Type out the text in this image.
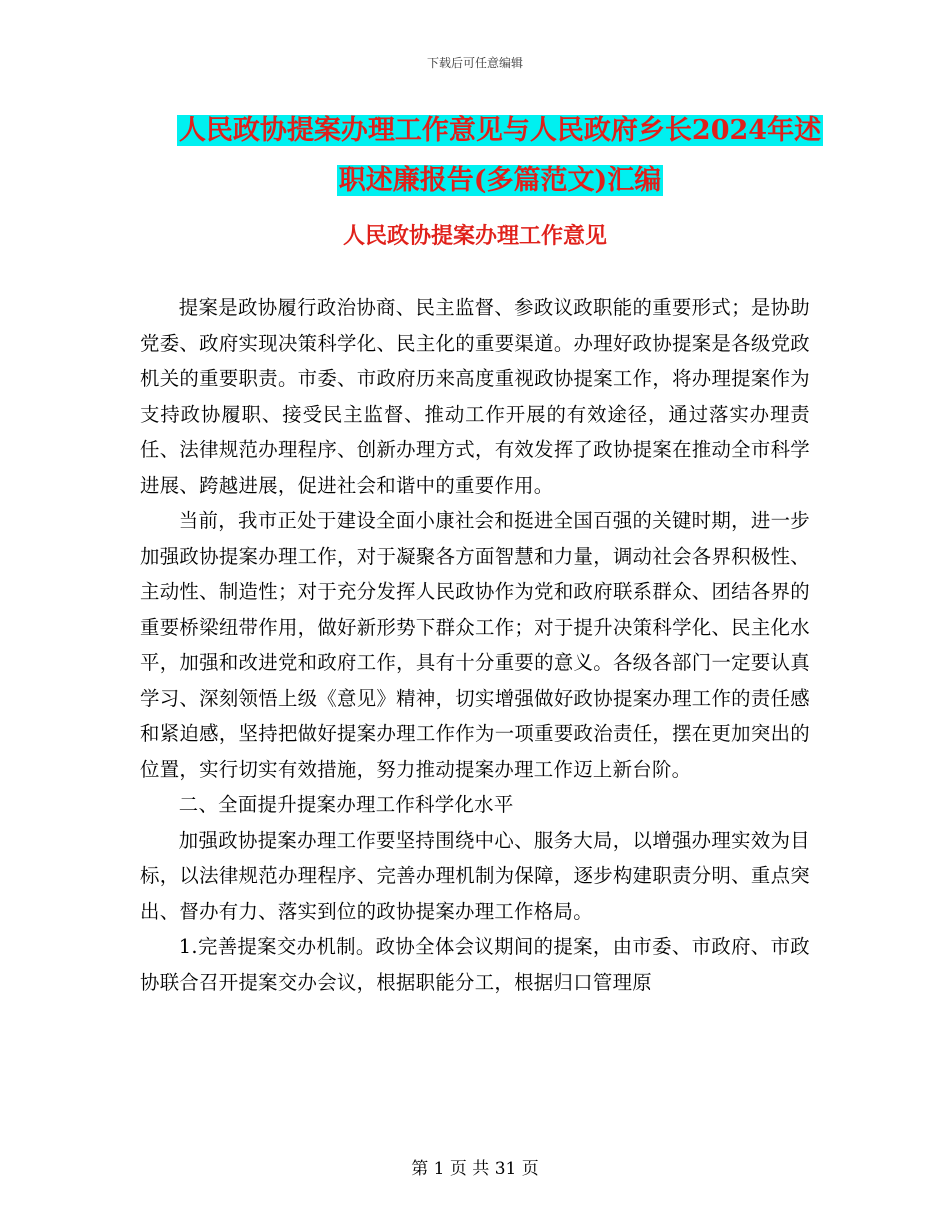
下载后可任意编辑
人民政协提案办理工作意见与人民政府乡长2024年述
职述廉报告(多篇范文)汇编
人民政协提案办理工作意见

提案是政协履行政治协商、民主监督、参政议政职能的重要形式；是协助党委、政府实现决策科学化、民主化的重要渠道。办理好政协提案是各级党政机关的重要职责。市委、市政府历来高度重视政协提案工作，将办理提案作为支持政协履职、接受民主监督、推动工作开展的有效途径，通过落实办理责任、法律规范办理程序、创新办理方式，有效发挥了政协提案在推动全市科学进展、跨越进展，促进社会和谐中的重要作用。

当前，我市正处于建设全面小康社会和挺进全国百强的关键时期，进一步加强政协提案办理工作，对于凝聚各方面智慧和力量，调动社会各界积极性、主动性、制造性；对于充分发挥人民政协作为党和政府联系群众、团结各界的重要桥梁纽带作用，做好新形势下群众工作；对于提升决策科学化、民主化水平，加强和改进党和政府工作，具有十分重要的意义。各级各部门一定要认真学习、深刻领悟上级《意见》精神，切实增强做好政协提案办理工作的责任感和紧迫感，坚持把做好提案办理工作作为一项重要政治责任，摆在更加突出的位置，实行切实有效措施，努力推动提案办理工作迈上新台阶。

二、全面提升提案办理工作科学化水平

加强政协提案办理工作要坚持围绕中心、服务大局，以增强办理实效为目标，以法律规范办理程序、完善办理机制为保障，逐步构建职责分明、重点突出、督办有力、落实到位的政协提案办理工作格局。

1.完善提案交办机制。政协全体会议期间的提案，由市委、市政府、市政协联合召开提案交办会议，根据职能分工，根据归口管理原

第 1 页 共 31 页
